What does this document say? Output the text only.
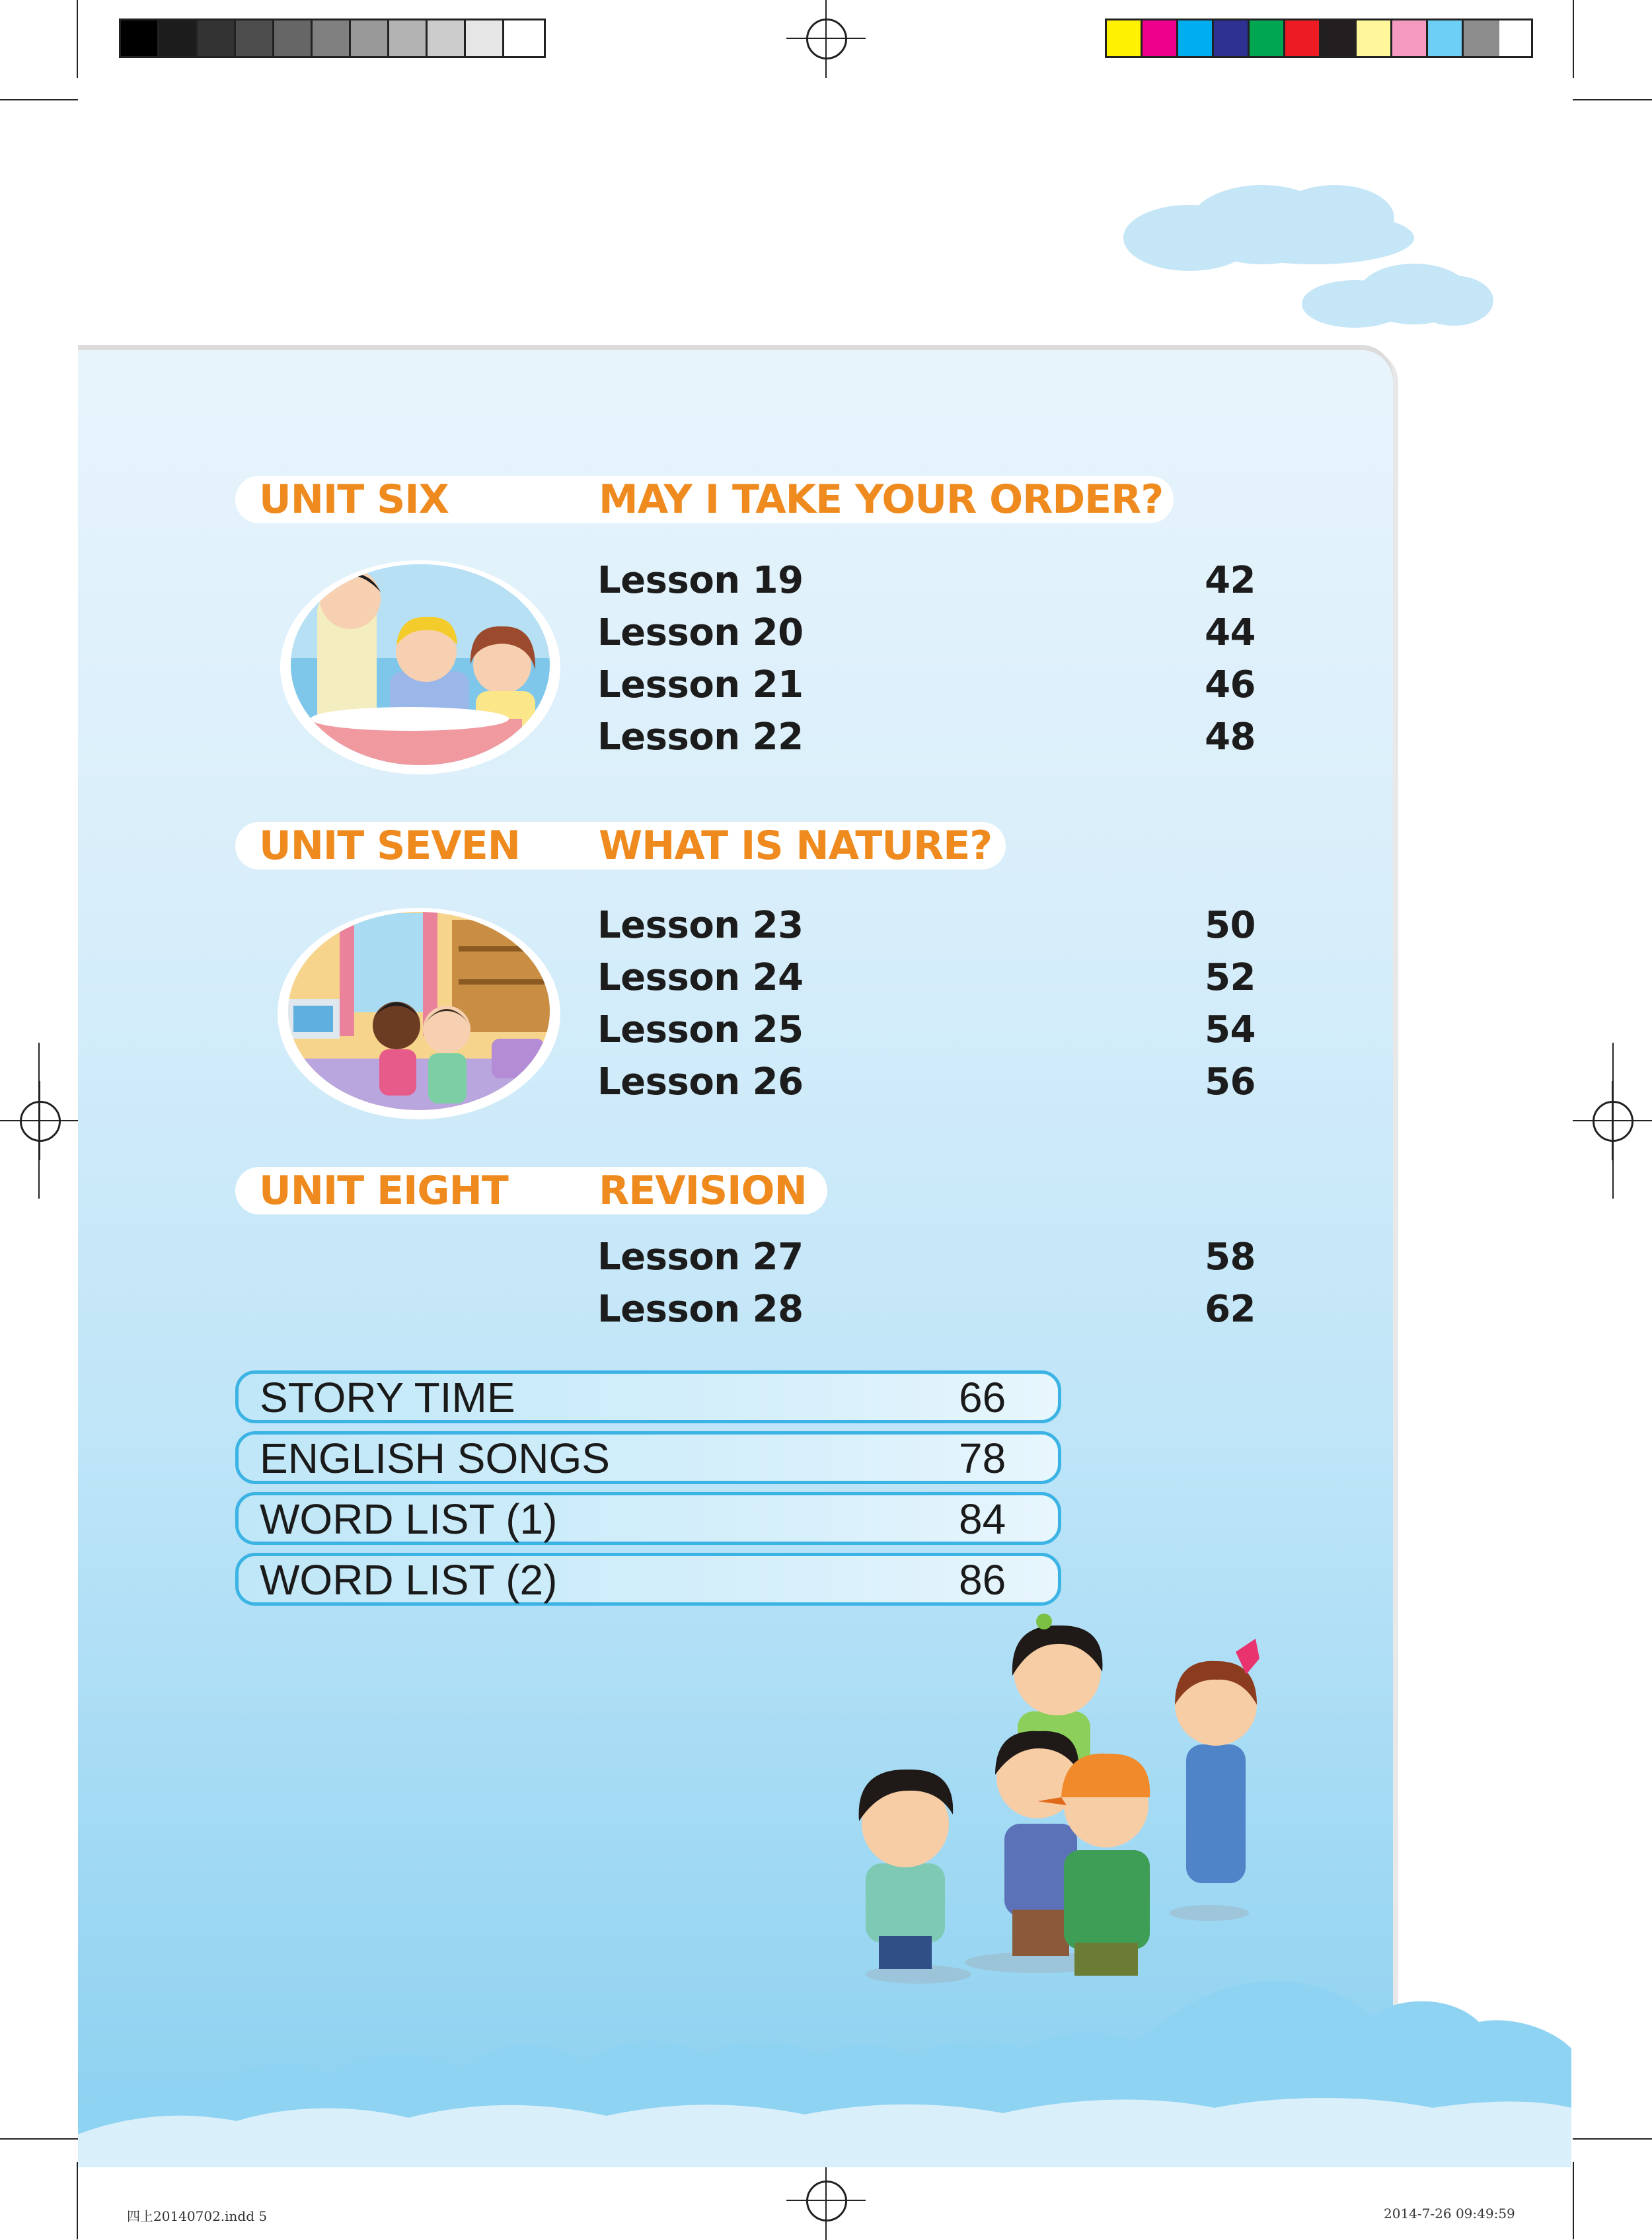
UNIT SIX	MAY I TAKE YOUR ORDER?
Lesson 19	42
Lesson 20	44
Lesson 21	46
Lesson 22	48
UNIT SEVEN WHAT IS NATURE?
Lesson 23	50
Lesson 24	52
Lesson 25	54
Lesson 26	56
UNIT EIGHT REVISION
Lesson 27	58
Lesson 28	62
STORY TIME	66
ENGLISH SONGS	78
WORD LIST (1)	84
WORD LIST (2)	86
四上20140702.indd 5	2014-7-26 09:49:59
